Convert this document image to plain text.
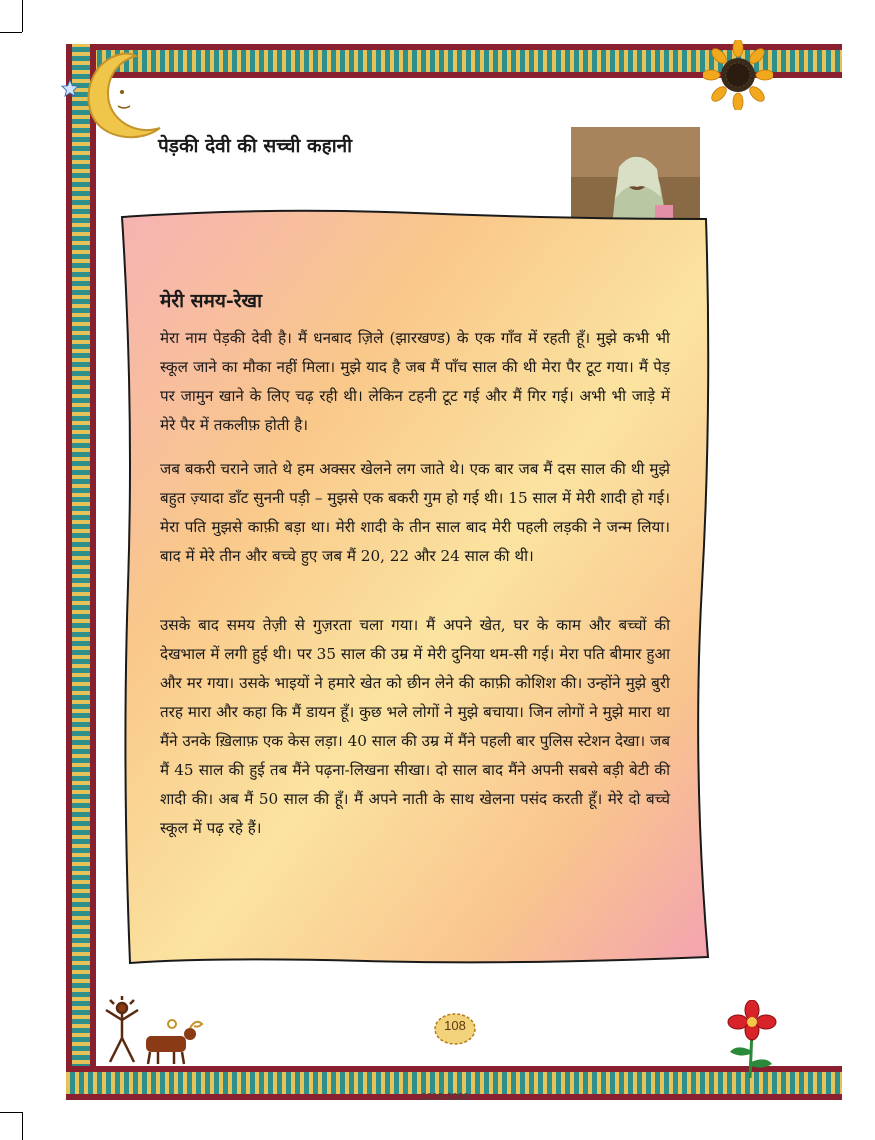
पेड़की देवी की सच्ची कहानी
मेरी समय-रेखा

मेरा नाम पेड़की देवी है। मैं धनबाद ज़िले (झारखण्ड) के एक गाँव में रहती हूँ। मुझे कभी भी स्कूल जाने का मौका नहीं मिला। मुझे याद है जब मैं पाँच साल की थी मेरा पैर टूट गया। मैं पेड़ पर जामुन खाने के लिए चढ़ रही थी। लेकिन टहनी टूट गई और मैं गिर गई। अभी भी जाड़े में मेरे पैर में तकलीफ़ होती है।

जब बकरी चराने जाते थे हम अक्सर खेलने लग जाते थे। एक बार जब मैं दस साल की थी मुझे बहुत ज़्यादा डाँट सुननी पड़ी – मुझसे एक बकरी गुम हो गई थी। 15 साल में मेरी शादी हो गई। मेरा पति मुझसे काफ़ी बड़ा था। मेरी शादी के तीन साल बाद मेरी पहली लड़की ने जन्म लिया। बाद में मेरे तीन और बच्चे हुए जब मैं 20, 22 और 24 साल की थी।

उसके बाद समय तेज़ी से गुज़रता चला गया। मैं अपने खेत, घर के काम और बच्चों की देखभाल में लगी हुई थी। पर 35 साल की उम्र में मेरी दुनिया थम-सी गई। मेरा पति बीमार हुआ और मर गया। उसके भाइयों ने हमारे खेत को छीन लेने की काफ़ी कोशिश की। उन्होंने मुझे बुरी तरह मारा और कहा कि मैं डायन हूँ। कुछ भले लोगों ने मुझे बचाया। जिन लोगों ने मुझे मारा था मैंने उनके ख़िलाफ़ एक केस लड़ा। 40 साल की उम्र में मैंने पहली बार पुलिस स्टेशन देखा। जब मैं 45 साल की हुई तब मैंने पढ़ना-लिखना सीखा। दो साल बाद मैंने अपनी सबसे बड़ी बेटी की शादी की। अब मैं 50 साल की हूँ। मैं अपने नाती के साथ खेलना पसंद करती हूँ। मेरे दो बच्चे स्कूल में पढ़ रहे हैं।

108
2019-2020
